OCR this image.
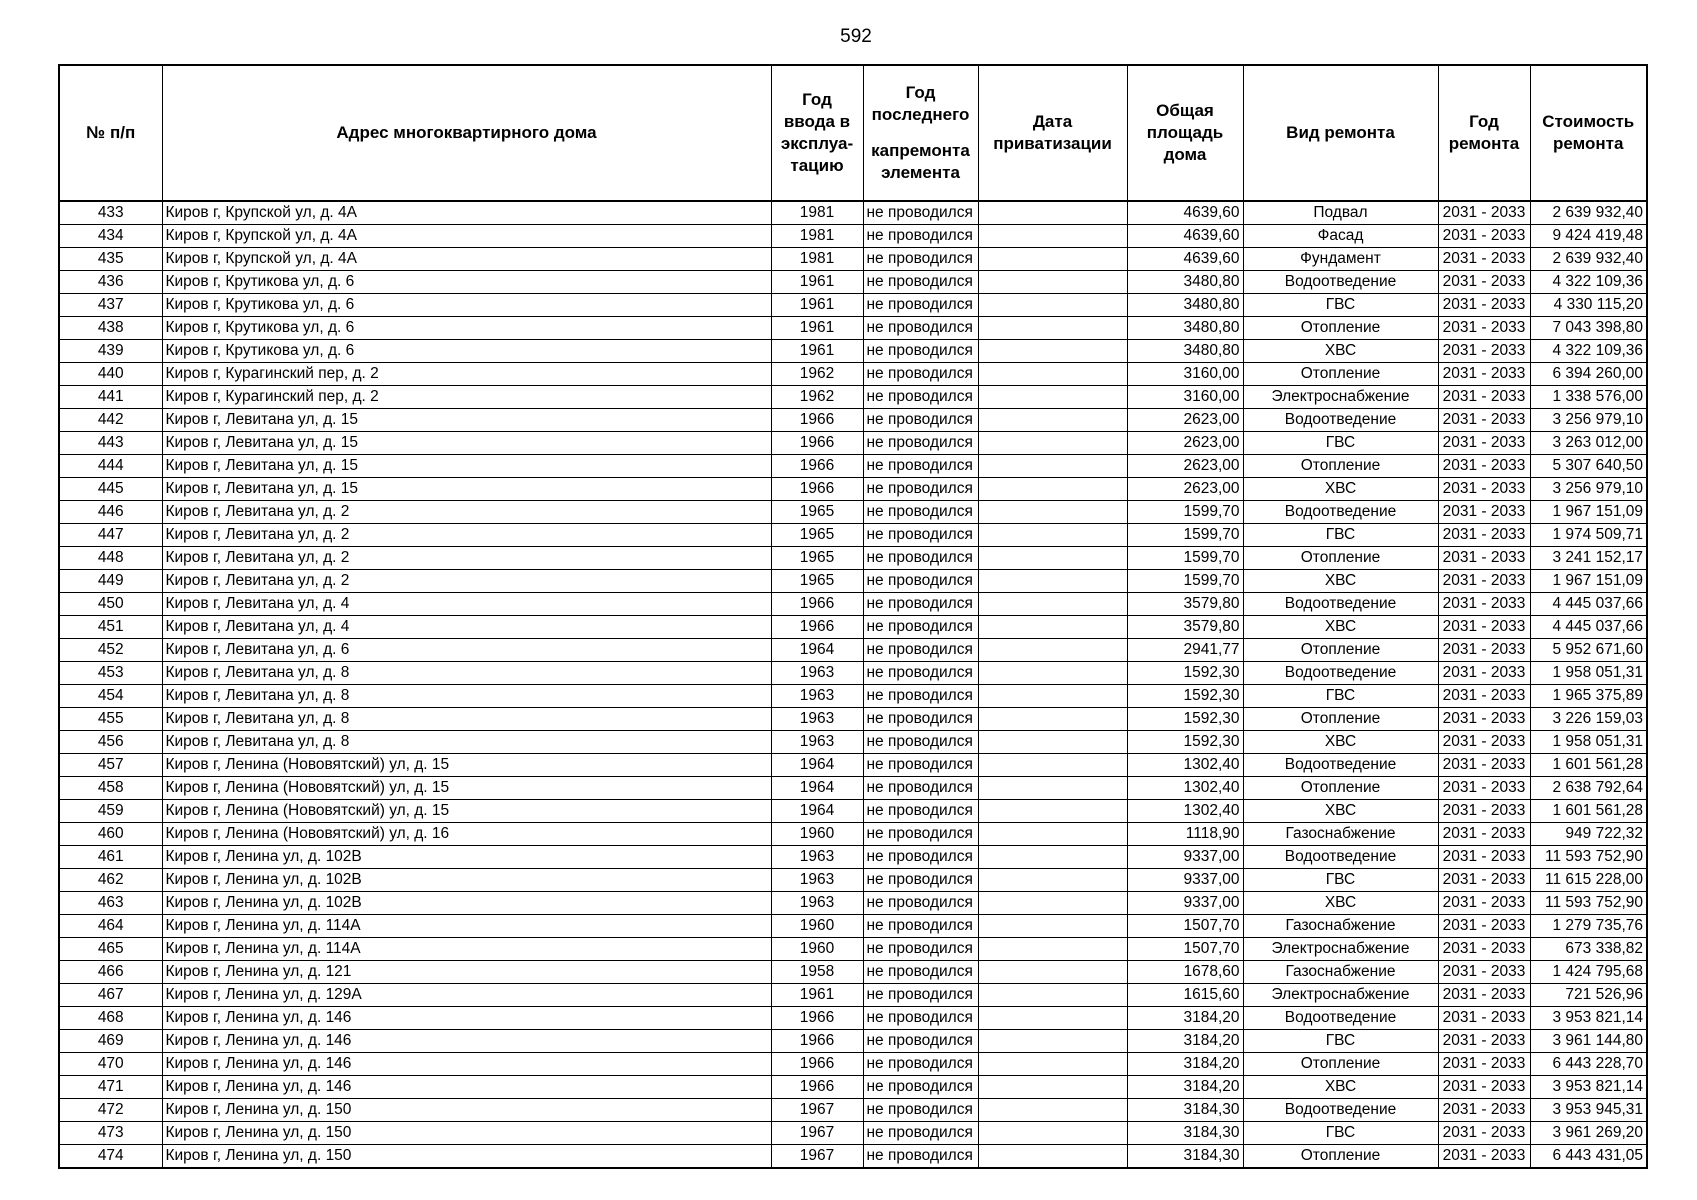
592
№ п/п	Адрес многоквартирного дома	Год ввода в эксплуа-тацию	Год последнего
капремонта элемента	Дата приватизации	Общая площадь дома	Вид ремонта	Год ремонта	Стоимость ремонта
433	Киров г, Крупской ул, д. 4А	1981	не проводился		4639,60	Подвал	2031 - 2033	2 639 932,40
434	Киров г, Крупской ул, д. 4А	1981	не проводился		4639,60	Фасад	2031 - 2033	9 424 419,48
435	Киров г, Крупской ул, д. 4А	1981	не проводился		4639,60	Фундамент	2031 - 2033	2 639 932,40
436	Киров г, Крутикова ул, д. 6	1961	не проводился		3480,80	Водоотведение	2031 - 2033	4 322 109,36
437	Киров г, Крутикова ул, д. 6	1961	не проводился		3480,80	ГВС	2031 - 2033	4 330 115,20
438	Киров г, Крутикова ул, д. 6	1961	не проводился		3480,80	Отопление	2031 - 2033	7 043 398,80
439	Киров г, Крутикова ул, д. 6	1961	не проводился		3480,80	ХВС	2031 - 2033	4 322 109,36
440	Киров г, Курагинский пер, д. 2	1962	не проводился		3160,00	Отопление	2031 - 2033	6 394 260,00
441	Киров г, Курагинский пер, д. 2	1962	не проводился		3160,00	Электроснабжение	2031 - 2033	1 338 576,00
442	Киров г, Левитана ул, д. 15	1966	не проводился		2623,00	Водоотведение	2031 - 2033	3 256 979,10
443	Киров г, Левитана ул, д. 15	1966	не проводился		2623,00	ГВС	2031 - 2033	3 263 012,00
444	Киров г, Левитана ул, д. 15	1966	не проводился		2623,00	Отопление	2031 - 2033	5 307 640,50
445	Киров г, Левитана ул, д. 15	1966	не проводился		2623,00	ХВС	2031 - 2033	3 256 979,10
446	Киров г, Левитана ул, д. 2	1965	не проводился		1599,70	Водоотведение	2031 - 2033	1 967 151,09
447	Киров г, Левитана ул, д. 2	1965	не проводился		1599,70	ГВС	2031 - 2033	1 974 509,71
448	Киров г, Левитана ул, д. 2	1965	не проводился		1599,70	Отопление	2031 - 2033	3 241 152,17
449	Киров г, Левитана ул, д. 2	1965	не проводился		1599,70	ХВС	2031 - 2033	1 967 151,09
450	Киров г, Левитана ул, д. 4	1966	не проводился		3579,80	Водоотведение	2031 - 2033	4 445 037,66
451	Киров г, Левитана ул, д. 4	1966	не проводился		3579,80	ХВС	2031 - 2033	4 445 037,66
452	Киров г, Левитана ул, д. 6	1964	не проводился		2941,77	Отопление	2031 - 2033	5 952 671,60
453	Киров г, Левитана ул, д. 8	1963	не проводился		1592,30	Водоотведение	2031 - 2033	1 958 051,31
454	Киров г, Левитана ул, д. 8	1963	не проводился		1592,30	ГВС	2031 - 2033	1 965 375,89
455	Киров г, Левитана ул, д. 8	1963	не проводился		1592,30	Отопление	2031 - 2033	3 226 159,03
456	Киров г, Левитана ул, д. 8	1963	не проводился		1592,30	ХВС	2031 - 2033	1 958 051,31
457	Киров г, Ленина (Нововятский) ул, д. 15	1964	не проводился		1302,40	Водоотведение	2031 - 2033	1 601 561,28
458	Киров г, Ленина (Нововятский) ул, д. 15	1964	не проводился		1302,40	Отопление	2031 - 2033	2 638 792,64
459	Киров г, Ленина (Нововятский) ул, д. 15	1964	не проводился		1302,40	ХВС	2031 - 2033	1 601 561,28
460	Киров г, Ленина (Нововятский) ул, д. 16	1960	не проводился		1118,90	Газоснабжение	2031 - 2033	949 722,32
461	Киров г, Ленина ул, д. 102В	1963	не проводился		9337,00	Водоотведение	2031 - 2033	11 593 752,90
462	Киров г, Ленина ул, д. 102В	1963	не проводился		9337,00	ГВС	2031 - 2033	11 615 228,00
463	Киров г, Ленина ул, д. 102В	1963	не проводился		9337,00	ХВС	2031 - 2033	11 593 752,90
464	Киров г, Ленина ул, д. 114А	1960	не проводился		1507,70	Газоснабжение	2031 - 2033	1 279 735,76
465	Киров г, Ленина ул, д. 114А	1960	не проводился		1507,70	Электроснабжение	2031 - 2033	673 338,82
466	Киров г, Ленина ул, д. 121	1958	не проводился		1678,60	Газоснабжение	2031 - 2033	1 424 795,68
467	Киров г, Ленина ул, д. 129А	1961	не проводился		1615,60	Электроснабжение	2031 - 2033	721 526,96
468	Киров г, Ленина ул, д. 146	1966	не проводился		3184,20	Водоотведение	2031 - 2033	3 953 821,14
469	Киров г, Ленина ул, д. 146	1966	не проводился		3184,20	ГВС	2031 - 2033	3 961 144,80
470	Киров г, Ленина ул, д. 146	1966	не проводился		3184,20	Отопление	2031 - 2033	6 443 228,70
471	Киров г, Ленина ул, д. 146	1966	не проводился		3184,20	ХВС	2031 - 2033	3 953 821,14
472	Киров г, Ленина ул, д. 150	1967	не проводился		3184,30	Водоотведение	2031 - 2033	3 953 945,31
473	Киров г, Ленина ул, д. 150	1967	не проводился		3184,30	ГВС	2031 - 2033	3 961 269,20
474	Киров г, Ленина ул, д. 150	1967	не проводился		3184,30	Отопление	2031 - 2033	6 443 431,05
